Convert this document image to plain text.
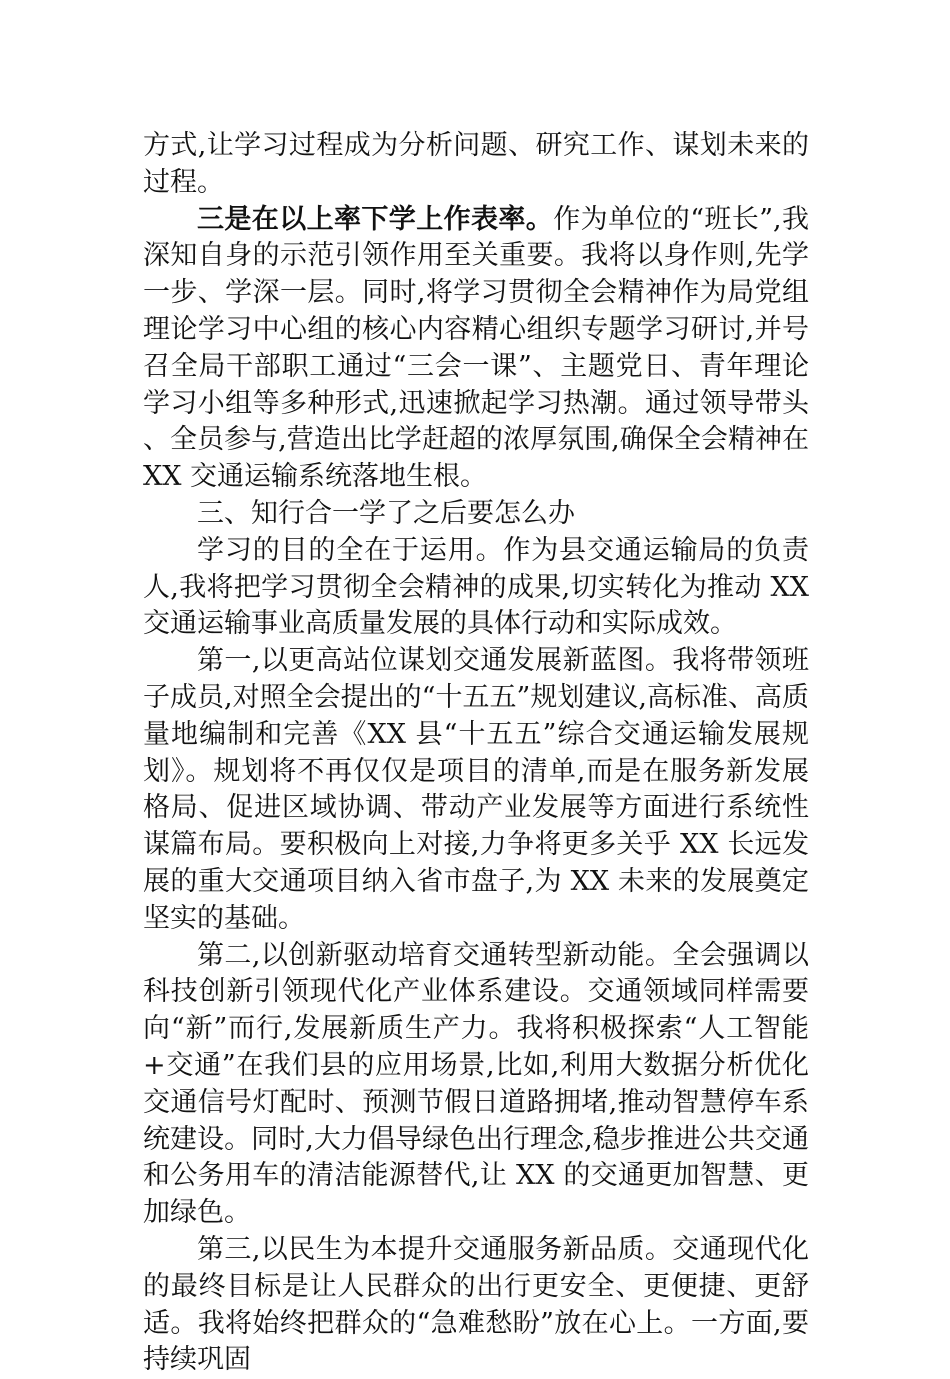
方式,让学习过程成为分析问题、研究工作、谋划未来的过程。

三是在以上率下学上作表率。作为单位的“班长”,我深知自身的示范引领作用至关重要。我将以身作则,先学一步、学深一层。同时,将学习贯彻全会精神作为局党组理论学习中心组的核心内容精心组织专题学习研讨,并号召全局干部职工通过“三会一课”、主题党日、青年理论学习小组等多种形式,迅速掀起学习热潮。通过领导带头、全员参与,营造出比学赶超的浓厚氛围,确保全会精神在 XX 交通运输系统落地生根。

三、知行合一学了之后要怎么办

学习的目的全在于运用。作为县交通运输局的负责人,我将把学习贯彻全会精神的成果,切实转化为推动 XX 交通运输事业高质量发展的具体行动和实际成效。

第一,以更高站位谋划交通发展新蓝图。我将带领班子成员,对照全会提出的“十五五”规划建议,高标准、高质量地编制和完善《XX 县“十五五”综合交通运输发展规划》。规划将不再仅仅是项目的清单,而是在服务新发展格局、促进区域协调、带动产业发展等方面进行系统性谋篇布局。要积极向上对接,力争将更多关乎 XX 长远发展的重大交通项目纳入省市盘子,为 XX 未来的发展奠定坚实的基础。

第二,以创新驱动培育交通转型新动能。全会强调以科技创新引领现代化产业体系建设。交通领域同样需要向“新”而行,发展新质生产力。我将积极探索“人工智能+交通”在我们县的应用场景,比如,利用大数据分析优化交通信号灯配时、预测节假日道路拥堵,推动智慧停车系统建设。同时,大力倡导绿色出行理念,稳步推进公共交通和公务用车的清洁能源替代,让 XX 的交通更加智慧、更加绿色。

第三,以民生为本提升交通服务新品质。交通现代化的最终目标是让人民群众的出行更安全、更便捷、更舒适。我将始终把群众的“急难愁盼”放在心上。一方面,要持续巩固
